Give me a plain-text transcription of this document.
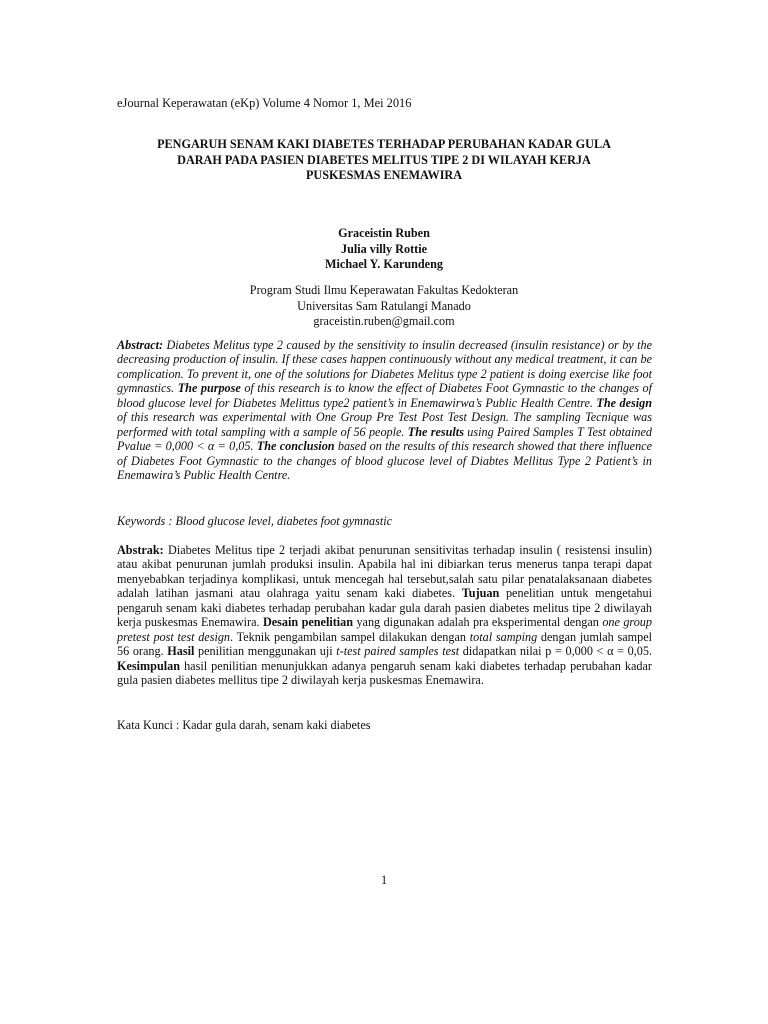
eJournal Keperawatan (eKp) Volume 4 Nomor 1, Mei 2016
PENGARUH SENAM KAKI DIABETES TERHADAP PERUBAHAN KADAR GULA
DARAH PADA PASIEN DIABETES MELITUS TIPE 2 DI WILAYAH KERJA
PUSKESMAS ENEMAWIRA
Graceistin Ruben
Julia villy Rottie
Michael Y. Karundeng
Program Studi Ilmu Keperawatan Fakultas Kedokteran
Universitas Sam Ratulangi Manado
graceistin.ruben@gmail.com
Abstract: Diabetes Melitus type 2 caused by the sensitivity to insulin decreased (insulin resistance) or by the decreasing production of insulin. If these cases happen continuously without any medical treatment, it can be complication. To prevent it, one of the solutions for Diabetes Melitus type 2 patient is doing exercise like foot gymnastics. The purpose of this research is to know the effect of Diabetes Foot Gymnastic to the changes of blood glucose level for Diabetes Melittus type2 patient’s in Enemawirwa’s Public Health Centre. The design of this research was experimental with One Group Pre Test Post Test Design. The sampling Tecnique was performed with total sampling with a sample of 56 people. The results using Paired Samples T Test obtained Pvalue = 0,000 < α = 0,05. The conclusion based on the results of this research showed that there influence of Diabetes Foot Gymnastic to the changes of blood glucose level of Diabtes Mellitus Type 2 Patient’s in Enemawira’s Public Health Centre.
Keywords : Blood glucose level, diabetes foot gymnastic
Abstrak: Diabetes Melitus tipe 2 terjadi akibat penurunan sensitivitas terhadap insulin ( resistensi insulin) atau akibat penurunan jumlah produksi insulin. Apabila hal ini dibiarkan terus menerus tanpa terapi dapat menyebabkan terjadinya komplikasi, untuk mencegah hal tersebut,salah satu pilar penatalaksanaan diabetes adalah latihan jasmani atau olahraga yaitu senam kaki diabetes. Tujuan penelitian untuk mengetahui pengaruh senam kaki diabetes terhadap perubahan kadar gula darah pasien diabetes melitus tipe 2 diwilayah kerja puskesmas Enemawira. Desain penelitian yang digunakan adalah pra eksperimental dengan one group pretest post test design. Teknik pengambilan sampel dilakukan dengan total samping dengan jumlah sampel 56 orang. Hasil penilitian menggunakan uji t-test paired samples test didapatkan nilai p = 0,000 < α = 0,05. Kesimpulan hasil penilitian menunjukkan adanya pengaruh senam kaki diabetes terhadap perubahan kadar gula pasien diabetes mellitus tipe 2 diwilayah kerja puskesmas Enemawira.
Kata Kunci : Kadar gula darah, senam kaki diabetes
1
